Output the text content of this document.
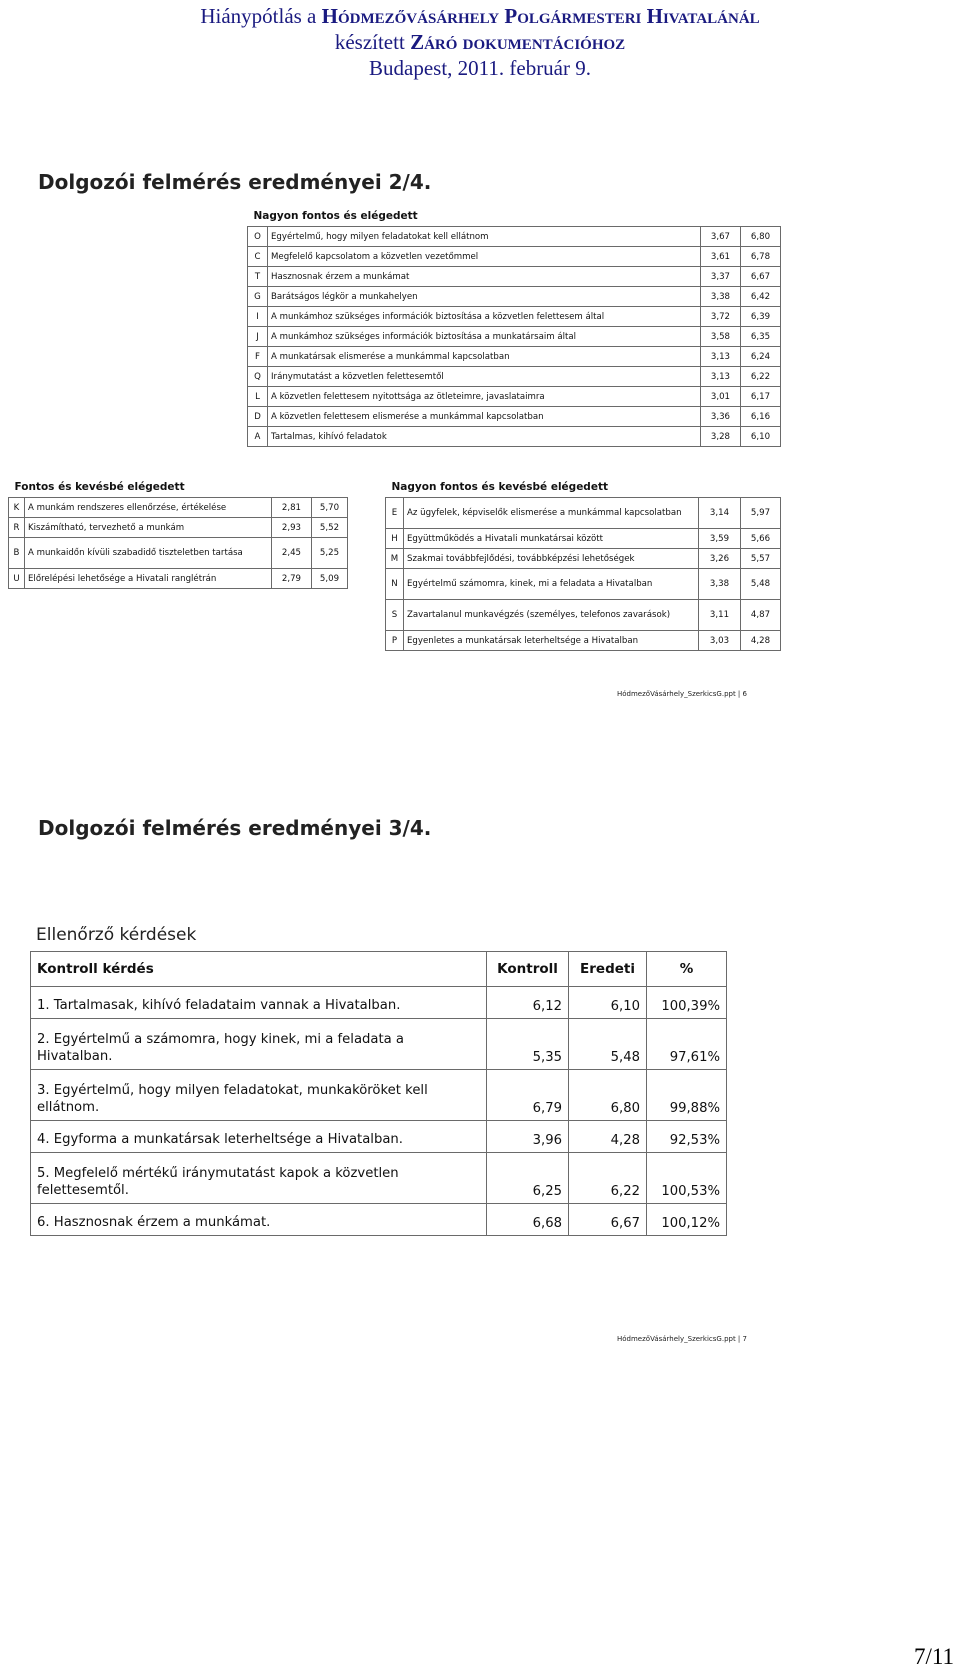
Hiánypótlás a Hódmezővásárhely Polgármesteri Hivatalánál
készített Záró dokumentációhoz
Budapest, 2011. február 9.
Dolgozói felmérés eredményei 2/4.
Nagyon fontos és elégedett			
O	Egyértelmű, hogy milyen feladatokat kell ellátnom	3,67	6,80
C	Megfelelő kapcsolatom a közvetlen vezetőmmel	3,61	6,78
T	Hasznosnak érzem a munkámat	3,37	6,67
G	Barátságos légkör a munkahelyen	3,38	6,42
I	A munkámhoz szükséges információk biztosítása a közvetlen felettesem által	3,72	6,39
J	A munkámhoz szükséges információk biztosítása a munkatársaim által	3,58	6,35
F	A munkatársak elismerése a munkámmal kapcsolatban	3,13	6,24
Q	Iránymutatást a közvetlen felettesemtől	3,13	6,22
L	A közvetlen felettesem nyitottsága az ötleteimre, javaslataimra	3,01	6,17
D	A közvetlen felettesem elismerése a munkámmal kapcsolatban	3,36	6,16
A	Tartalmas, kihívó feladatok	3,28	6,10
Fontos és kevésbé elégedett			
K	A munkám rendszeres ellenőrzése, értékelése	2,81	5,70
R	Kiszámítható, tervezhető a munkám	2,93	5,52
B	A munkaidőn kívüli szabadidő tiszteletben tartása	2,45	5,25
U	Előrelépési lehetősége a Hivatali ranglétrán	2,79	5,09
Nagyon fontos és kevésbé elégedett			
E	Az ügyfelek, képviselők elismerése a munkámmal kapcsolatban	3,14	5,97
H	Együttműködés a Hivatali munkatársai között	3,59	5,66
M	Szakmai továbbfejlődési, továbbképzési lehetőségek	3,26	5,57
N	Egyértelmű számomra, kinek, mi a feladata a Hivatalban	3,38	5,48
S	Zavartalanul munkavégzés (személyes, telefonos zavarások)	3,11	4,87
P	Egyenletes a munkatársak leterheltsége a Hivatalban	3,03	4,28
HódmezőVásárhely_SzerkicsG.ppt | 6
Dolgozói felmérés eredményei 3/4.
Ellenőrző kérdések
Kontroll kérdés	Kontroll	Eredeti	%
1. Tartalmasak, kihívó feladataim vannak a Hivatalban.	6,12	6,10	100,39%
2. Egyértelmű a számomra, hogy kinek, mi a feladata a Hivatalban.	5,35	5,48	97,61%
3. Egyértelmű, hogy milyen feladatokat, munkaköröket kell ellátnom.	6,79	6,80	99,88%
4. Egyforma a munkatársak leterheltsége a Hivatalban.	3,96	4,28	92,53%
5. Megfelelő mértékű iránymutatást kapok a közvetlen felettesemtől.	6,25	6,22	100,53%
6. Hasznosnak érzem a munkámat.	6,68	6,67	100,12%
HódmezőVásárhely_SzerkicsG.ppt | 7
7/11
